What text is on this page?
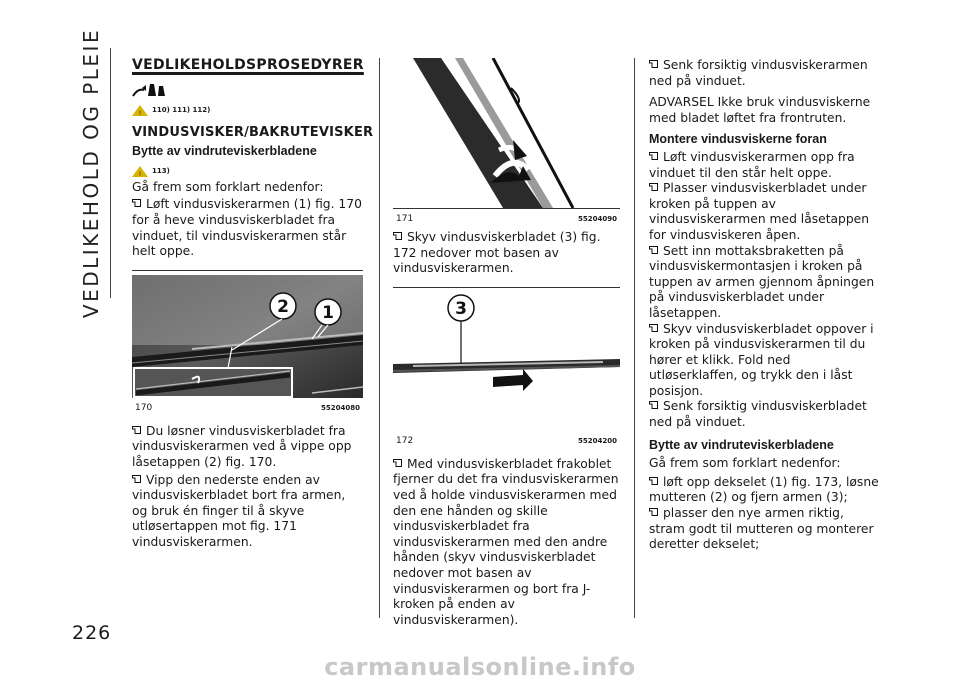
VEDLIKEHOLD OG PLEIE
226
VEDLIKEHOLDSPROSEDYRER
! 110) 111) 112)
VINDUSVISKER/BAKRUTEVISKER
Bytte av vindruteviskerbladene
! 113)

Gå frem som forklart nedenfor:

Løft vindusviskerarmen (1) fig. 170 for å heve vindusviskerbladet fra vinduet, til vindusviskerarmen står helt oppe.

2 1
170	55204080

Du løsner vindusviskerbladet fra vindusviskerarmen ved å vippe opp låsetappen (2) fig. 170.

Vipp den nederste enden av vindusviskerbladet bort fra armen, og bruk én finger til å skyve utløsertappen mot fig. 171 vindusviskerarmen.

171	55204090

Skyv vindusviskerbladet (3) fig. 172 nedover mot basen av vindusviskerarmen.

3
172	55204200

Med vindusviskerbladet frakoblet fjerner du det fra vindusviskerarmen ved å holde vindusviskerarmen med den ene hånden og skille vindusviskerbladet fra vindusviskerarmen med den andre hånden (skyv vindusviskerbladet nedover mot basen av vindusviskerarmen og bort fra J-kroken på enden av vindusviskerarmen).

Senk forsiktig vindusviskerarmen ned på vinduet.

ADVARSEL Ikke bruk vindusviskerne med bladet løftet fra frontruten.

Montere vindusviskerne foran

Løft vindusviskerarmen opp fra vinduet til den står helt oppe.

Plasser vindusviskerbladet under kroken på tuppen av vindusviskerarmen med låsetappen for vindusviskeren åpen.

Sett inn mottaksbraketten på vindusviskermontasjen i kroken på tuppen av armen gjennom åpningen på vindusviskerbladet under låsetappen.

Skyv vindusviskerbladet oppover i kroken på vindusviskerarmen til du hører et klikk. Fold ned utløserklaffen, og trykk den i låst posisjon.

Senk forsiktig vindusviskerbladet ned på vinduet.

Bytte av vindruteviskerbladene

Gå frem som forklart nedenfor:

løft opp dekselet (1) fig. 173, løsne mutteren (2) og fjern armen (3);

plasser den nye armen riktig, stram godt til mutteren og monterer deretter dekselet;

carmanualsonline.info
